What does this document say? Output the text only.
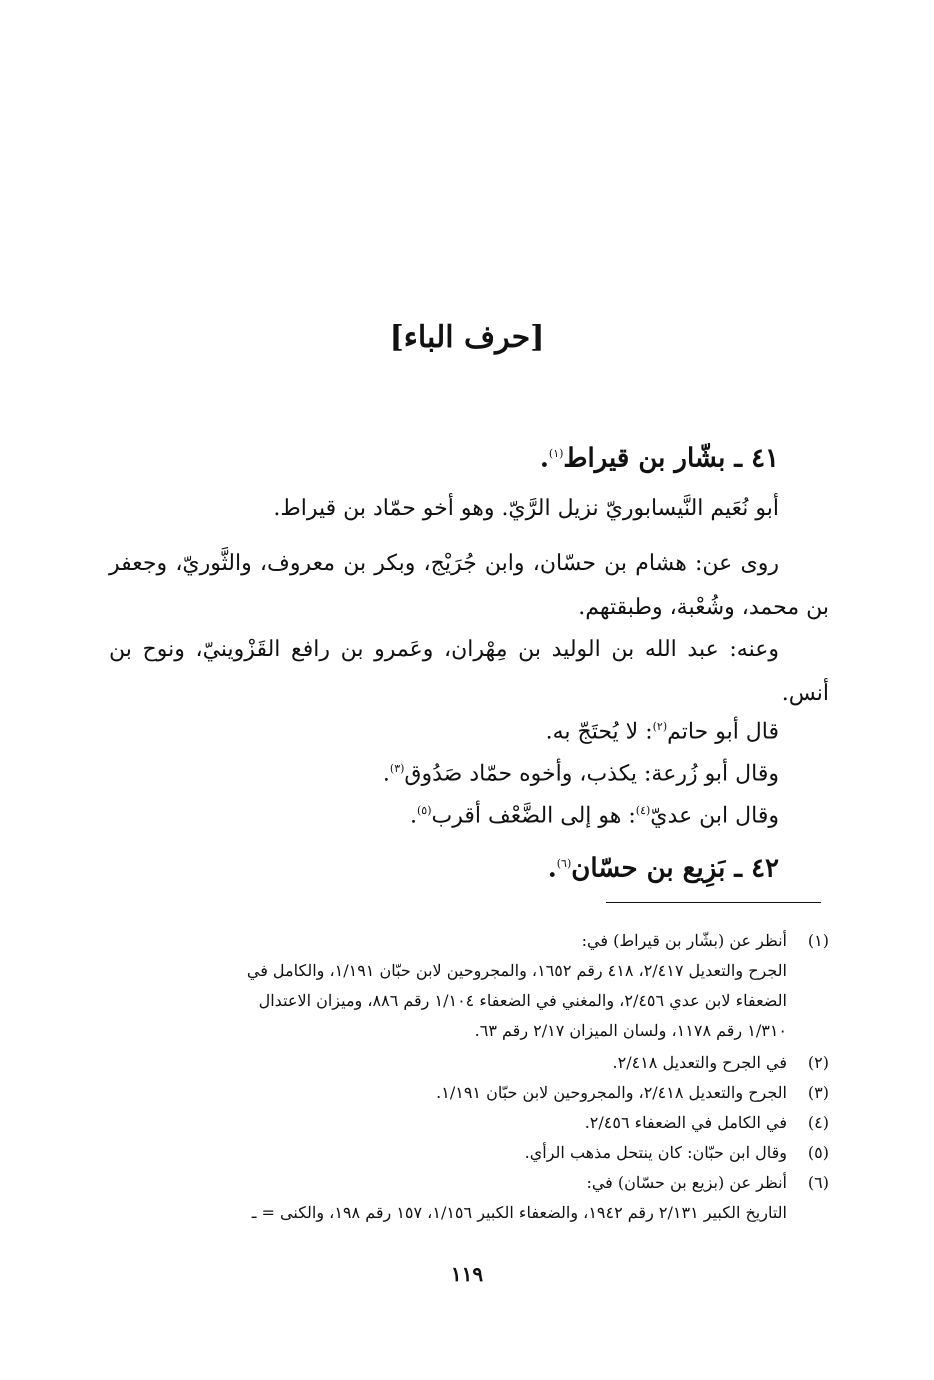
[حرف الباء]
٤١ ـ بشّار بن قيراط$^{(١)}$.
أبو نُعَيم النَّيسابوريّ نزيل الرَّيّ. وهو أخو حمّاد بن قيراط.
روى عن: هشام بن حسّان، وابن جُرَيْج، وبكر بن معروف، والثَّوريّ، وجعفر بن محمد، وشُعْبة، وطبقتهم.
وعنه: عبد الله بن الوليد بن مِهْران، وعَمرو بن رافع القَزْوينيّ، ونوح بن أنس.
قال أبو حاتم$^{(٢)}$: لا يُحتَجّ به.
وقال أبو زُرعة: يكذب، وأخوه حمّاد صَدُوق$^{(٣)}$.
وقال ابن عديّ$^{(٤)}$: هو إلى الضَّعْف أقرب$^{(٥)}$.
٤٢ ـ بَزِيع بن حسّان$^{(٦)}$.
(١)
أنظر عن (بشّار بن قيراط) في:
الجرح والتعديل ٢/٤١٧، ٤١٨ رقم ١٦٥٢، والمجروحين لابن حبّان ١/١٩١، والكامل في
الضعفاء لابن عدي ٢/٤٥٦، والمغني في الضعفاء ١/١٠٤ رقم ٨٨٦، وميزان الاعتدال
١/٣١٠ رقم ١١٧٨، ولسان الميزان ٢/١٧ رقم ٦٣.
(٢)
في الجرح والتعديل ٢/٤١٨.
(٣)
الجرح والتعديل ٢/٤١٨، والمجروحين لابن حبّان ١/١٩١.
(٤)
في الكامل في الضعفاء ٢/٤٥٦.
(٥)
وقال ابن حبّان: كان ينتحل مذهب الرأي.
(٦)
أنظر عن (بزيع بن حسّان) في:
التاريخ الكبير ٢/١٣١ رقم ١٩٤٢، والضعفاء الكبير ١/١٥٦، ١٥٧ رقم ١٩٨، والكنى = ـ
١١٩
